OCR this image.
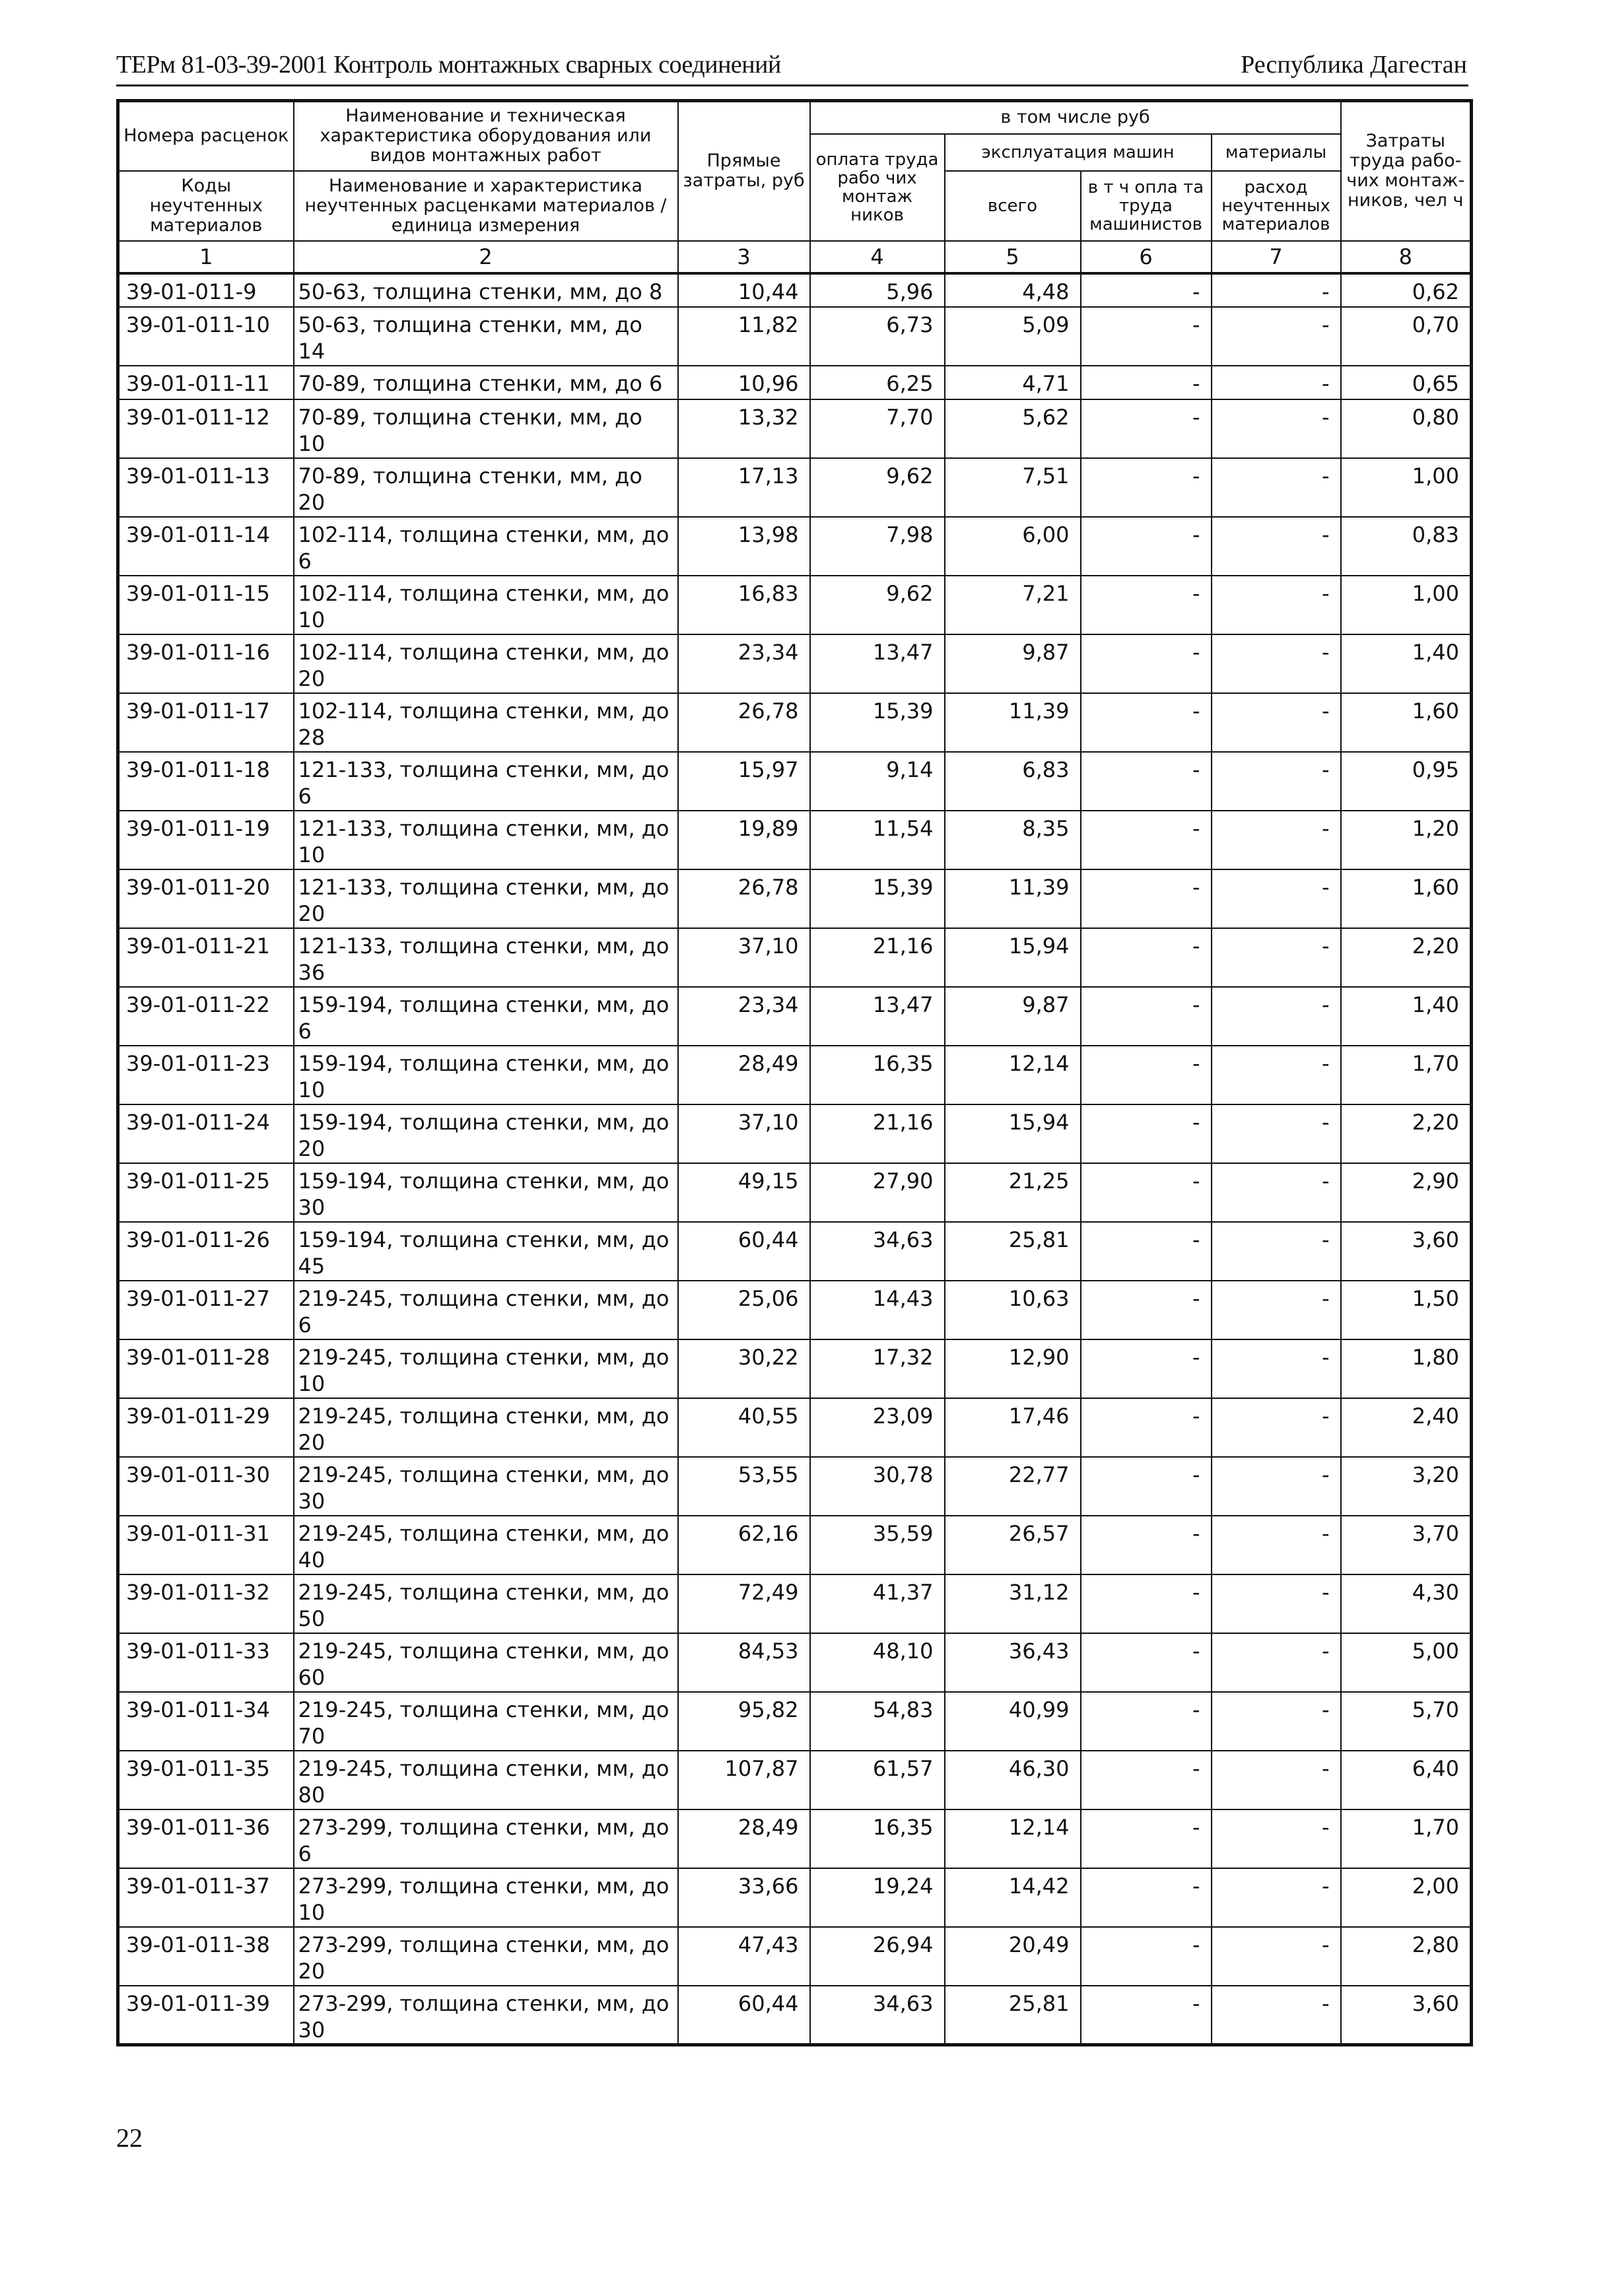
ТЕРм 81-03-39-2001 Контроль монтажных сварных соединений	Республика Дагестан
Номера расценок	Наименование и техническая характеристика оборудования или видов монтажных работ	Прямые затраты, руб	в том числе руб				Затраты труда рабо-чих монтаж-ников, чел ч
			оплата труда рабо чих монтаж ников	эксплуатация машин		материалы	
Коды неучтенных материалов	Наименование и характеристика неучтенных расценками материалов / единица измерения			всего	в т ч опла та труда машинистов	расход неучтенных материалов	

1	2	3	4	5	6	7	8
39-01-011-9	50-63, толщина стенки, мм, до 8	10,44	5,96	4,48	-	-	0,62
39-01-011-10	50-63, толщина стенки, мм, до 14	11,82	6,73	5,09	-	-	0,70
39-01-011-11	70-89, толщина стенки, мм, до 6	10,96	6,25	4,71	-	-	0,65
39-01-011-12	70-89, толщина стенки, мм, до 10	13,32	7,70	5,62	-	-	0,80
39-01-011-13	70-89, толщина стенки, мм, до 20	17,13	9,62	7,51	-	-	1,00
39-01-011-14	102-114, толщина стенки, мм, до 6	13,98	7,98	6,00	-	-	0,83
39-01-011-15	102-114, толщина стенки, мм, до 10	16,83	9,62	7,21	-	-	1,00
39-01-011-16	102-114, толщина стенки, мм, до 20	23,34	13,47	9,87	-	-	1,40
39-01-011-17	102-114, толщина стенки, мм, до 28	26,78	15,39	11,39	-	-	1,60
39-01-011-18	121-133, толщина стенки, мм, до 6	15,97	9,14	6,83	-	-	0,95
39-01-011-19	121-133, толщина стенки, мм, до 10	19,89	11,54	8,35	-	-	1,20
39-01-011-20	121-133, толщина стенки, мм, до 20	26,78	15,39	11,39	-	-	1,60
39-01-011-21	121-133, толщина стенки, мм, до 36	37,10	21,16	15,94	-	-	2,20
39-01-011-22	159-194, толщина стенки, мм, до 6	23,34	13,47	9,87	-	-	1,40
39-01-011-23	159-194, толщина стенки, мм, до 10	28,49	16,35	12,14	-	-	1,70
39-01-011-24	159-194, толщина стенки, мм, до 20	37,10	21,16	15,94	-	-	2,20
39-01-011-25	159-194, толщина стенки, мм, до 30	49,15	27,90	21,25	-	-	2,90
39-01-011-26	159-194, толщина стенки, мм, до 45	60,44	34,63	25,81	-	-	3,60
39-01-011-27	219-245, толщина стенки, мм, до 6	25,06	14,43	10,63	-	-	1,50
39-01-011-28	219-245, толщина стенки, мм, до 10	30,22	17,32	12,90	-	-	1,80
39-01-011-29	219-245, толщина стенки, мм, до 20	40,55	23,09	17,46	-	-	2,40
39-01-011-30	219-245, толщина стенки, мм, до 30	53,55	30,78	22,77	-	-	3,20
39-01-011-31	219-245, толщина стенки, мм, до 40	62,16	35,59	26,57	-	-	3,70
39-01-011-32	219-245, толщина стенки, мм, до 50	72,49	41,37	31,12	-	-	4,30
39-01-011-33	219-245, толщина стенки, мм, до 60	84,53	48,10	36,43	-	-	5,00
39-01-011-34	219-245, толщина стенки, мм, до 70	95,82	54,83	40,99	-	-	5,70
39-01-011-35	219-245, толщина стенки, мм, до 80	107,87	61,57	46,30	-	-	6,40
39-01-011-36	273-299, толщина стенки, мм, до 6	28,49	16,35	12,14	-	-	1,70
39-01-011-37	273-299, толщина стенки, мм, до 10	33,66	19,24	14,42	-	-	2,00
39-01-011-38	273-299, толщина стенки, мм, до 20	47,43	26,94	20,49	-	-	2,80
39-01-011-39	273-299, толщина стенки, мм, до 30	60,44	34,63	25,81	-	-	3,60
22
